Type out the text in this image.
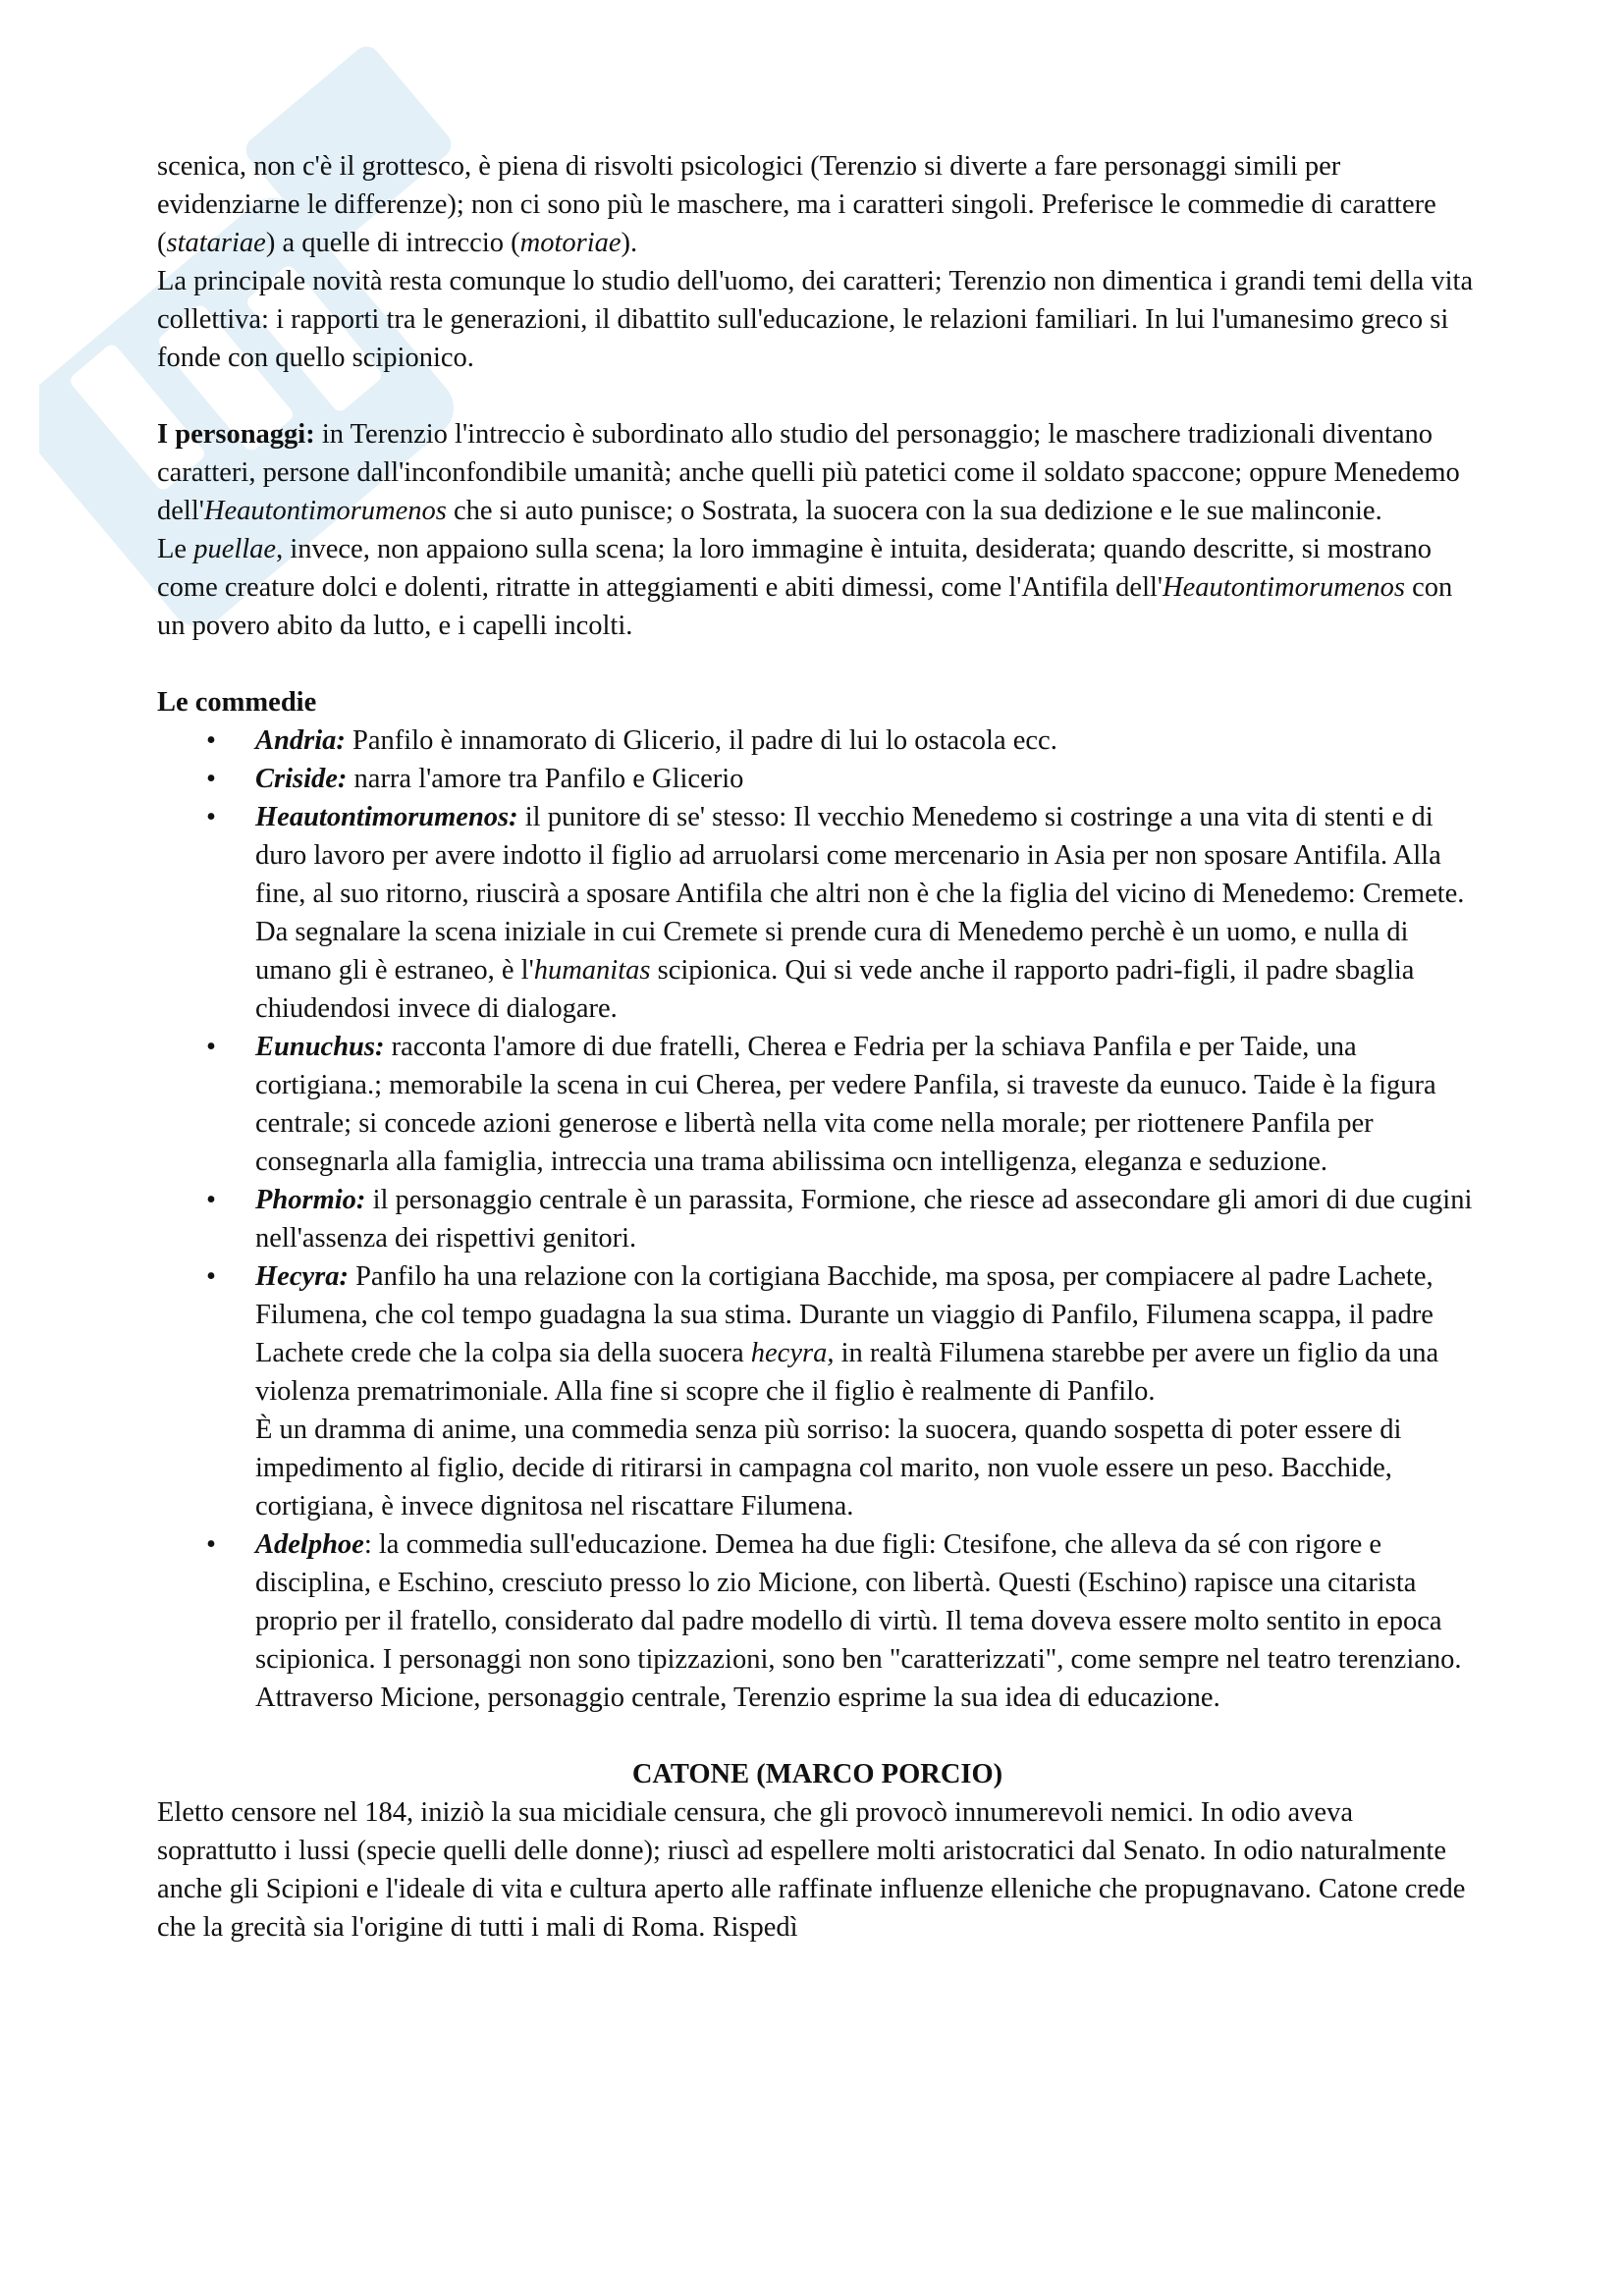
scenica, non c'è il grottesco, è piena di risvolti psicologici (Terenzio si diverte a fare personaggi simili per evidenziarne le differenze); non ci sono più le maschere, ma i caratteri singoli. Preferisce le commedie di carattere (statariae) a quelle di intreccio (motoriae).

La principale novità resta comunque lo studio dell'uomo, dei caratteri; Terenzio non dimentica i grandi temi della vita collettiva: i rapporti tra le generazioni, il dibattito sull'educazione, le relazioni familiari. In lui l'umanesimo greco si fonde con quello scipionico.

I personaggi: in Terenzio l'intreccio è subordinato allo studio del personaggio; le maschere tradizionali diventano caratteri, persone dall'inconfondibile umanità; anche quelli più patetici come il soldato spaccone; oppure Menedemo dell'Heautontimorumenos che si auto punisce; o Sostrata, la suocera con la sua dedizione e le sue malinconie.

Le puellae, invece, non appaiono sulla scena; la loro immagine è intuita, desiderata; quando descritte, si mostrano come creature dolci e dolenti, ritratte in atteggiamenti e abiti dimessi, come l'Antifila dell'Heautontimorumenos con un povero abito da lutto, e i capelli incolti.

Le commedie

• Andria: Panfilo è innamorato di Glicerio, il padre di lui lo ostacola ecc.
• Criside: narra l'amore tra Panfilo e Glicerio
• Heautontimorumenos: il punitore di se' stesso: Il vecchio Menedemo si costringe a una vita di stenti e di duro lavoro per avere indotto il figlio ad arruolarsi come mercenario in Asia per non sposare Antifila. Alla fine, al suo ritorno, riuscirà a sposare Antifila che altri non è che la figlia del vicino di Menedemo: Cremete. Da segnalare la scena iniziale in cui Cremete si prende cura di Menedemo perchè è un uomo, e nulla di umano gli è estraneo, è l'humanitas scipionica. Qui si vede anche il rapporto padri-figli, il padre sbaglia chiudendosi invece di dialogare.
• Eunuchus: racconta l'amore di due fratelli, Cherea e Fedria per la schiava Panfila e per Taide, una cortigiana.; memorabile la scena in cui Cherea, per vedere Panfila, si traveste da eunuco. Taide è la figura centrale; si concede azioni generose e libertà nella vita come nella morale; per riottenere Panfila per consegnarla alla famiglia, intreccia una trama abilissima ocn intelligenza, eleganza e seduzione.
• Phormio: il personaggio centrale è un parassita, Formione, che riesce ad assecondare gli amori di due cugini nell'assenza dei rispettivi genitori.
• Hecyra: Panfilo ha una relazione con la cortigiana Bacchide, ma sposa, per compiacere al padre Lachete, Filumena, che col tempo guadagna la sua stima. Durante un viaggio di Panfilo, Filumena scappa, il padre Lachete crede che la colpa sia della suocera hecyra, in realtà Filumena starebbe per avere un figlio da una violenza prematrimoniale. Alla fine si scopre che il figlio è realmente di Panfilo.
È un dramma di animе, una commedia senza più sorriso: la suocera, quando sospetta di poter essere di impedimento al figlio, decide di ritirarsi in campagna col marito, non vuole essere un peso. Bacchide, cortigiana, è invece dignitosa nel riscattare Filumena.
• Adelphoe: la commedia sull'educazione. Demea ha due figli: Ctesifone, che alleva da sé con rigore e disciplina, e Eschino, cresciuto presso lo zio Micione, con libertà. Questi (Eschino) rapisce una citarista proprio per il fratello, considerato dal padre modello di virtù. Il tema doveva essere molto sentito in epoca scipionica. I personaggi non sono tipizzazioni, sono ben "caratterizzati", come sempre nel teatro terenziano. Attraverso Micione, personaggio centrale, Terenzio esprime la sua idea di educazione.

CATONE (MARCO PORCIO)

Eletto censore nel 184, iniziò la sua micidiale censura, che gli provocò innumerevoli nemici. In odio aveva soprattutto i lussi (specie quelli delle donne); riuscì ad espellere molti aristocratici dal Senato. In odio naturalmente anche gli Scipioni e l'ideale di vita e cultura aperto alle raffinate influenze elleniche che propugnavano. Catone crede che la grecità sia l'origine di tutti i mali di Roma. Rispedì
